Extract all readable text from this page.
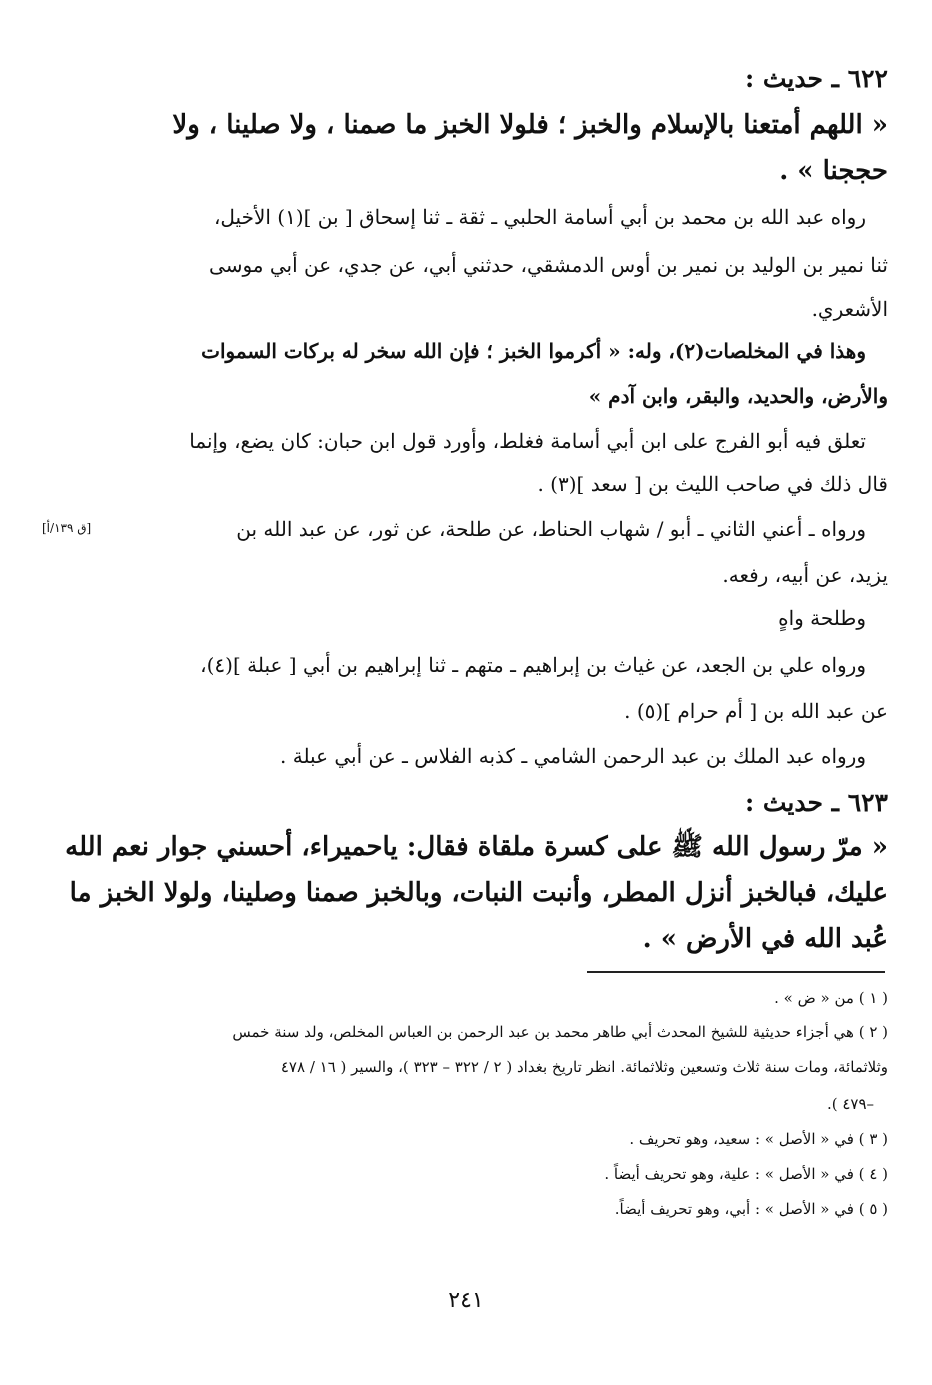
٦٢٢ ـ حديث :
« اللهم أمتعنا بالإسلام والخبز ؛ فلولا الخبز ما صمنا ، ولا صلينا ، ولا
حججنا » .
رواه عبد الله بن محمد بن أبي أسامة الحلبي ـ ثقة ـ ثنا إسحاق [ بن ](١) الأخيل،
ثنا نمير بن الوليد بن نمير بن أوس الدمشقي، حدثني أبي، عن جدي، عن أبي موسى
الأشعري.
وهذا في المخلصات(٢)، وله: « أكرموا الخبز ؛ فإن الله سخر له بركات السموات
والأرض، والحديد، والبقر، وابن آدم »
تعلق فيه أبو الفرج على ابن أبي أسامة فغلط، وأورد قول ابن حبان: كان يضع، وإنما
قال ذلك في صاحب الليث بن [ سعد ](٣) .
ورواه ـ أعني الثاني ـ أبو / شهاب الحناط، عن طلحة، عن ثور، عن عبد الله بن
[ق ١٣٩/أ]
يزيد، عن أبيه، رفعه.
وطلحة واهٍ
ورواه علي بن الجعد، عن غياث بن إبراهيم ـ متهم ـ ثنا إبراهيم بن أبي [ عبلة ](٤)،
عن عبد الله بن [ أم حرام ](٥) .
ورواه عبد الملك بن عبد الرحمن الشامي ـ كذبه الفلاس ـ عن أبي عبلة .
٦٢٣ ـ حديث :
« مرّ رسول الله ﷺ على كسرة ملقاة فقال: ياحميراء، أحسني جوار نعم الله
عليك، فبالخبز أنزل المطر، وأنبت النبات، وبالخبز صمنا وصلينا، ولولا الخبز ما
عُبد الله في الأرض » .
( ١ ) من « ض » .
( ٢ ) هي أجزاء حديثية للشيخ المحدث أبي طاهر محمد بن عبد الرحمن بن العباس المخلص، ولد سنة خمس
وثلاثمائة، ومات سنة ثلاث وتسعين وثلاثمائة. انظر تاريخ بغداد ( ٢ / ٣٢٢ – ٣٢٣ )، والسير ( ١٦ / ٤٧٨
–٤٧٩ ).
( ٣ ) في « الأصل » : سعيد، وهو تحريف .
( ٤ ) في « الأصل » : علية، وهو تحريف أيضاً .
( ٥ ) في « الأصل » : أبي، وهو تحريف أيضاً.
٢٤١
